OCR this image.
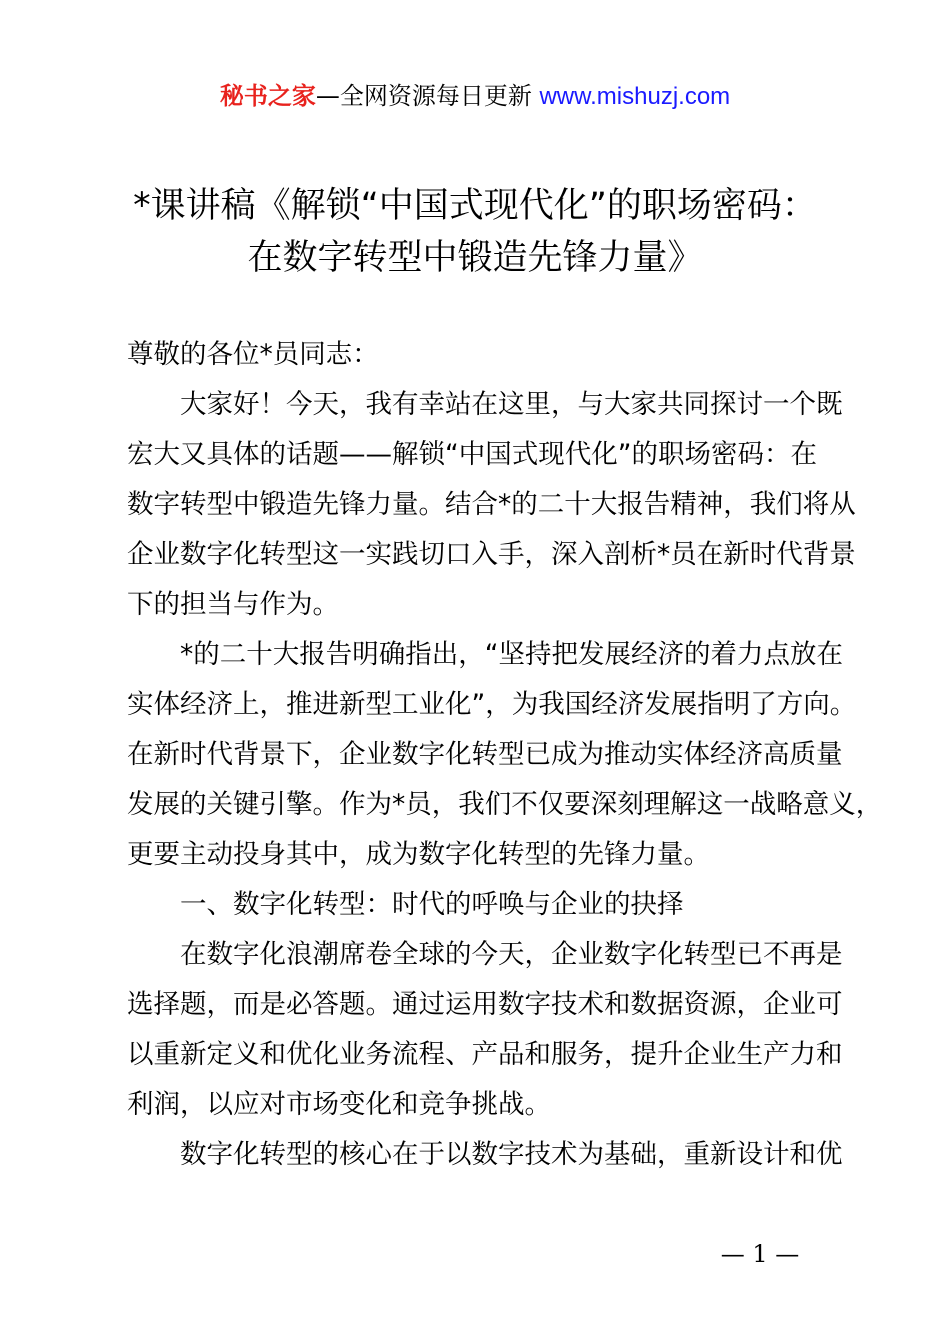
秘书之家—全网资源每日更新 www.mishuzj.com
*课讲稿《解锁“中国式现代化”的职场密码：
在数字转型中锻造先锋力量》
尊敬的各位*员同志：
　　大家好！今天，我有幸站在这里，与大家共同探讨一个既
宏大又具体的话题——解锁“中国式现代化”的职场密码：在
数字转型中锻造先锋力量。结合*的二十大报告精神，我们将从
企业数字化转型这一实践切口入手，深入剖析*员在新时代背景
下的担当与作为。
　　*的二十大报告明确指出，“坚持把发展经济的着力点放在
实体经济上，推进新型工业化”，为我国经济发展指明了方向。
在新时代背景下，企业数字化转型已成为推动实体经济高质量
发展的关键引擎。作为*员，我们不仅要深刻理解这一战略意义，
更要主动投身其中，成为数字化转型的先锋力量。
　　一、数字化转型：时代的呼唤与企业的抉择
　　在数字化浪潮席卷全球的今天，企业数字化转型已不再是
选择题，而是必答题。通过运用数字技术和数据资源，企业可
以重新定义和优化业务流程、产品和服务，提升企业生产力和
利润，以应对市场变化和竞争挑战。
　　数字化转型的核心在于以数字技术为基础，重新设计和优
— 1 —
